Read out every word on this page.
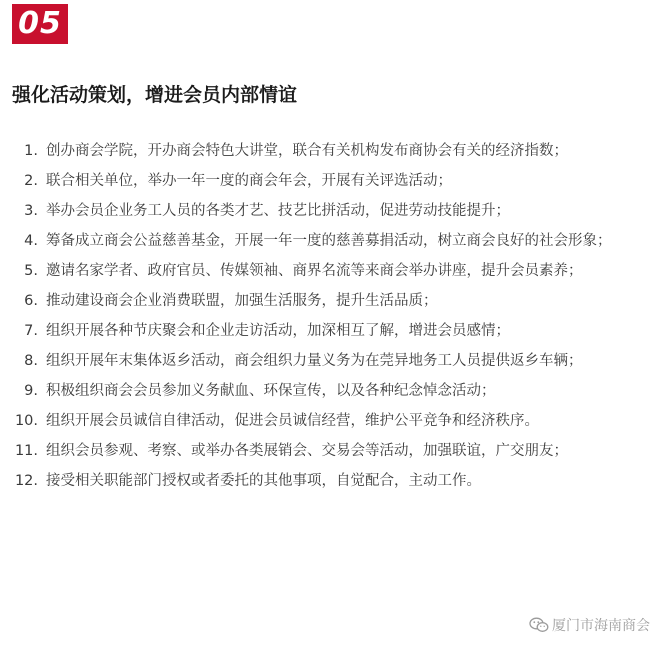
05
强化活动策划，增进会员内部情谊
1. 创办商会学院，开办商会特色大讲堂，联合有关机构发布商协会有关的经济指数；
2. 联合相关单位，举办一年一度的商会年会，开展有关评选活动；
3. 举办会员企业务工人员的各类才艺、技艺比拼活动，促进劳动技能提升；
4. 筹备成立商会公益慈善基金，开展一年一度的慈善募捐活动，树立商会良好的社会形象；
5. 邀请名家学者、政府官员、传媒领袖、商界名流等来商会举办讲座，提升会员素养；
6. 推动建设商会企业消费联盟，加强生活服务，提升生活品质；
7. 组织开展各种节庆聚会和企业走访活动，加深相互了解，增进会员感情；
8. 组织开展年末集体返乡活动，商会组织力量义务为在莞异地务工人员提供返乡车辆；
9. 积极组织商会会员参加义务献血、环保宣传，以及各种纪念悼念活动；
10. 组织开展会员诚信自律活动，促进会员诚信经营，维护公平竞争和经济秩序。
11. 组织会员参观、考察、或举办各类展销会、交易会等活动，加强联谊，广交朋友；
12. 接受相关职能部门授权或者委托的其他事项，自觉配合，主动工作。
厦门市海南商会
